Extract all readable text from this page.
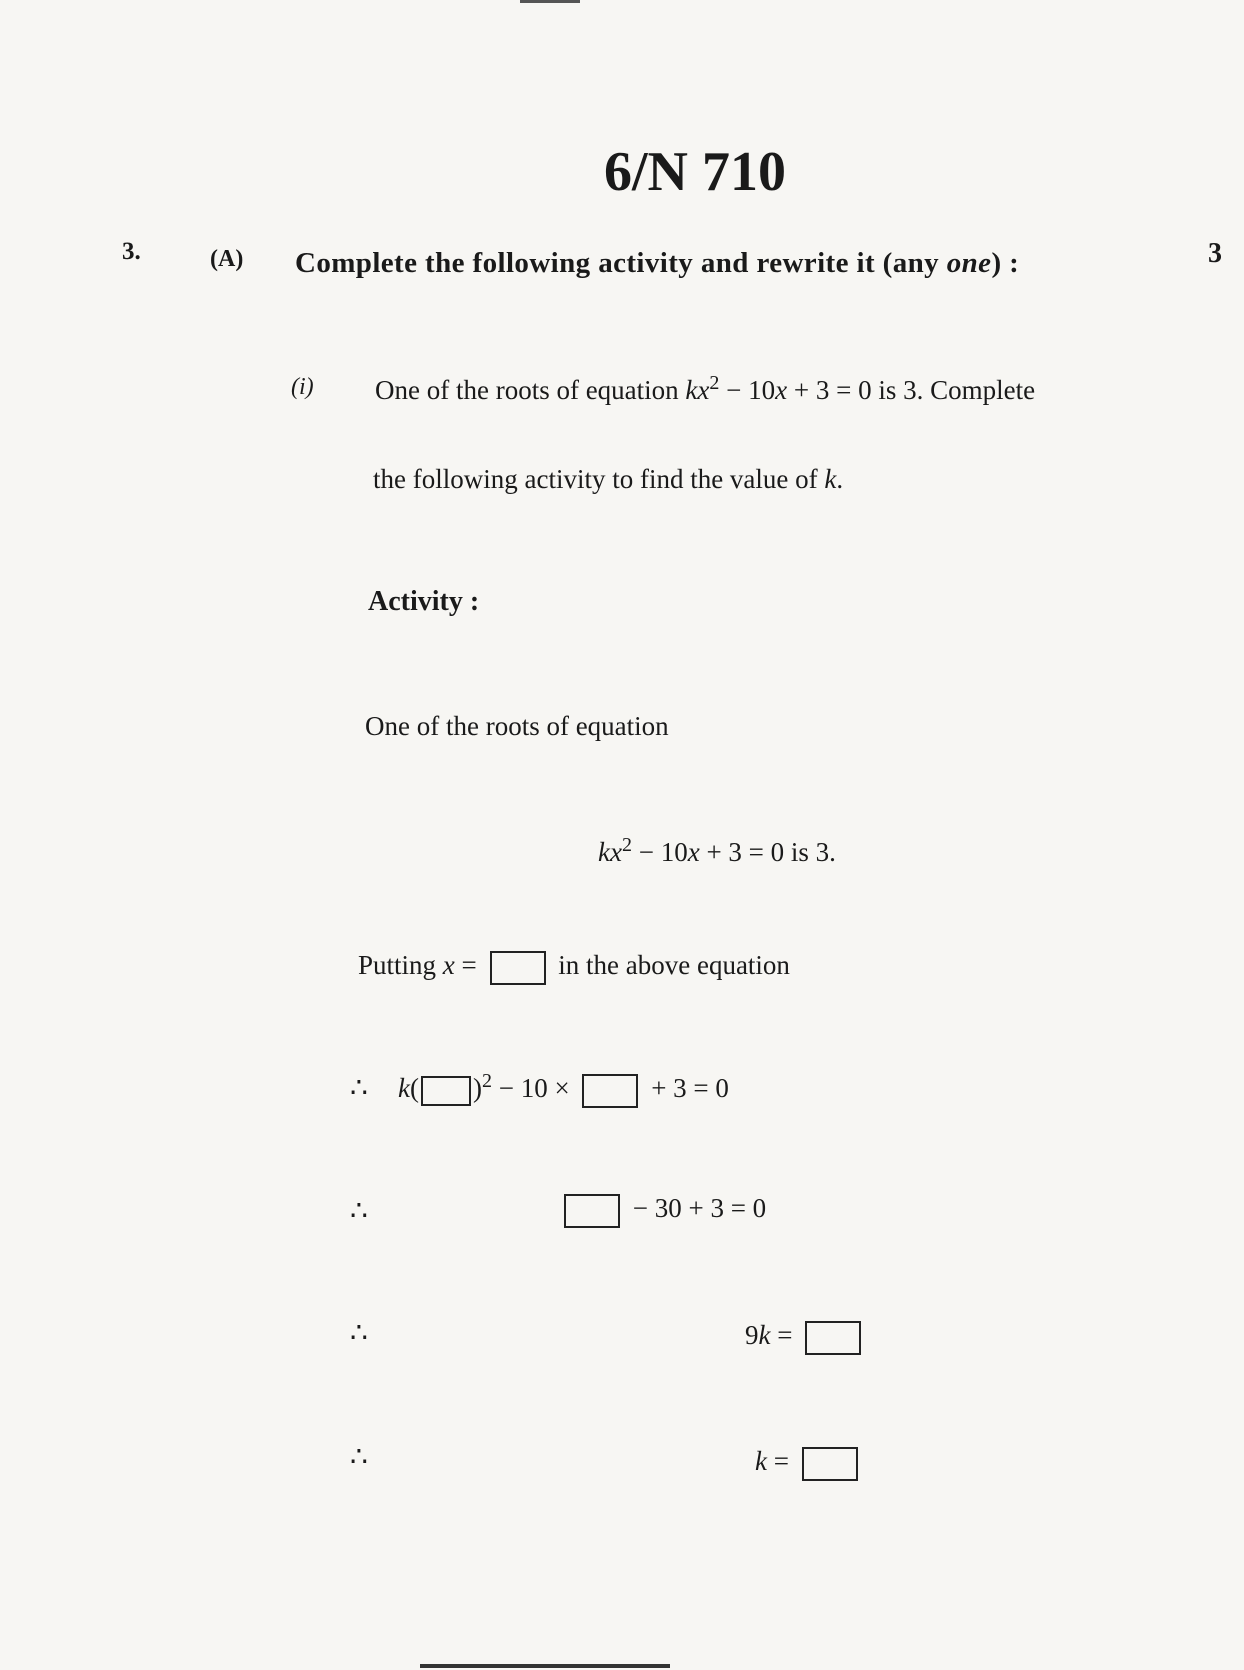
6/N 710
3.	(A) Complete the following activity and rewrite it (any one) :	3
(i) One of the roots of equation $kx^2 - 10x + 3 = 0$ is 3. Complete
the following activity to find the value of k.
Activity :
One of the roots of equation
$kx^2 - 10x + 3 = 0$ is 3.
Putting x =	in the above equation
∴ k( )$^2$ − 10 ×	+ 3 = 0
∴	− 30 + 3 = 0
∴	9k =
∴	k =
